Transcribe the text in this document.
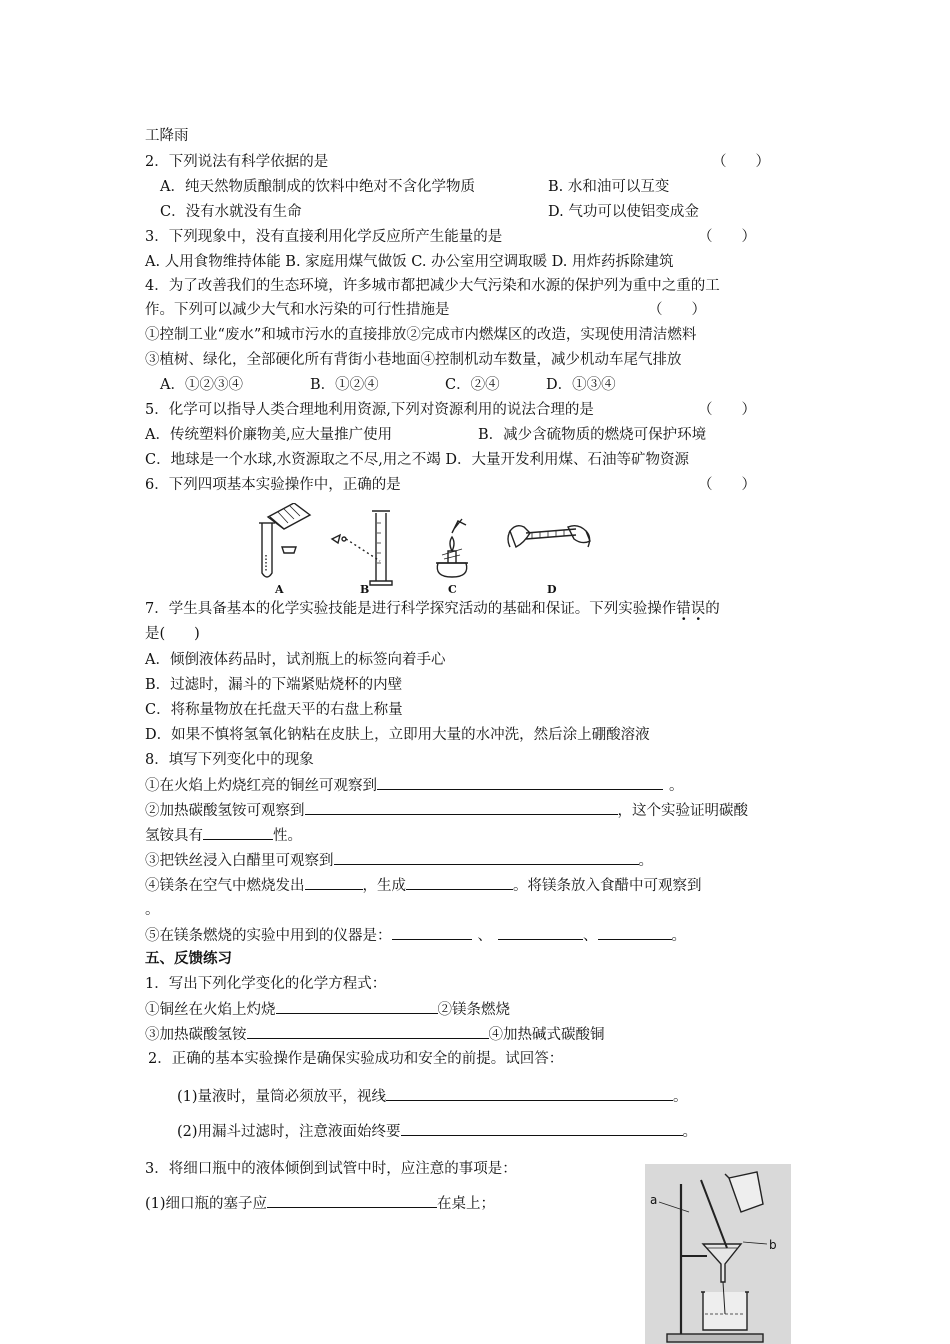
工降雨
2．下列说法有科学依据的是	（　　）
A．纯天然物质酿制成的饮料中绝对不含化学物质	B. 水和油可以互变
C．没有水就没有生命	D. 气功可以使铝变成金
3．下列现象中，没有直接利用化学反应所产生能量的是	（　　）
A. 人用食物维持体能 B. 家庭用煤气做饭 C. 办公室用空调取暖 D. 用炸药拆除建筑
4．为了改善我们的生态环境，许多城市都把减少大气污染和水源的保护列为重中之重的工
作。下列可以减少大气和水污染的可行性措施是	（　　）
①控制工业“废水”和城市污水的直接排放②完成市内燃煤区的改造，实现使用清洁燃料
③植树、绿化，全部硬化所有背街小巷地面④控制机动车数量，减少机动车尾气排放
A．①②③④	B．①②④	C．②④	D．①③④
5．化学可以指导人类合理地利用资源,下列对资源利用的说法合理的是	（　　）
A．传统塑料价廉物美,应大量推广使用	B．减少含硫物质的燃烧可保护环境
C．地球是一个水球,水资源取之不尽,用之不竭 D．大量开发利用煤、石油等矿物资源
6．下列四项基本实验操作中，正确的是	（　　）
A	B	C	D
7．学生具备基本的化学实验技能是进行科学探究活动的基础和保证。下列实验操作错误的
是(　　)
A．倾倒液体药品时，试剂瓶上的标签向着手心
B．过滤时，漏斗的下端紧贴烧杯的内壁
C．将称量物放在托盘天平的右盘上称量
D．如果不慎将氢氧化钠粘在皮肤上，立即用大量的水冲洗，然后涂上硼酸溶液
8．填写下列变化中的现象
①在火焰上灼烧红亮的铜丝可观察到	。
②加热碳酸氢铵可观察到	，这个实验证明碳酸
氢铵具有	性。
③把铁丝浸入白醋里可观察到	。
④镁条在空气中燃烧发出	，生成	。将镁条放入食醋中可观察到
。
⑤在镁条燃烧的实验中用到的仪器是：	、	、	。
五、反馈练习
1．写出下列化学变化的化学方程式：
①铜丝在火焰上灼烧	②镁条燃烧
③加热碳酸氢铵	④加热碱式碳酸铜
2．正确的基本实验操作是确保实验成功和安全的前提。试回答：
(1)量液时，量筒必须放平，视线	。
(2)用漏斗过滤时，注意液面始终要	。
3．将细口瓶中的液体倾倒到试管中时，应注意的事项是：
(1)细口瓶的塞子应	在桌上；	a
b
